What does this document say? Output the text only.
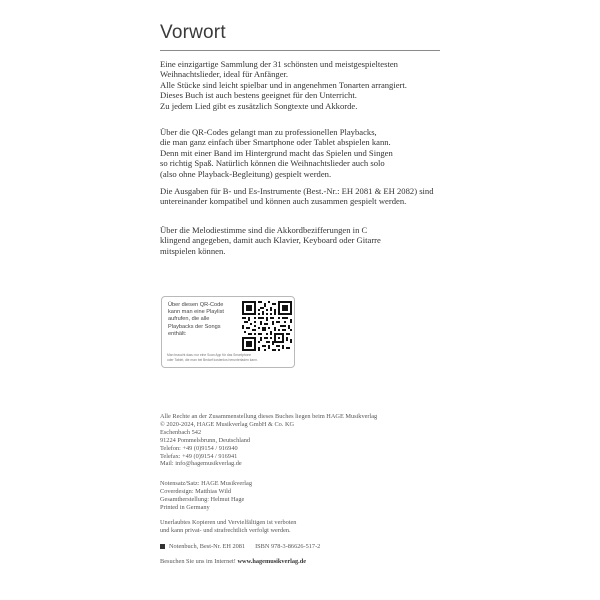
Vorwort
Eine einzigartige Sammlung der 31 schönsten und meistgespieltesten
Weihnachtslieder, ideal für Anfänger.
Alle Stücke sind leicht spielbar und in angenehmen Tonarten arrangiert.
Dieses Buch ist auch bestens geeignet für den Unterricht.
Zu jedem Lied gibt es zusätzlich Songtexte und Akkorde.
Über die QR-Codes gelangt man zu professionellen Playbacks,
die man ganz einfach über Smartphone oder Tablet abspielen kann.
Denn mit einer Band im Hintergrund macht das Spielen und Singen
so richtig Spaß. Natürlich können die Weihnachtslieder auch solo
(also ohne Playback-Begleitung) gespielt werden.
Die Ausgaben für B- und Es-Instrumente (Best.-Nr.: EH 2081 & EH 2082) sind
untereinander kompatibel und können auch zusammen gespielt werden.
Über die Melodiestimme sind die Akkordbezifferungen in C
klingend angegeben, damit auch Klavier, Keyboard oder Gitarre
mitspielen können.
Über diesen QR-Code
kann man eine Playlist
aufrufen, die alle
Playbacks der Songs
enthält:
Man braucht dazu nur eine Scan App für das Smartphone
oder Tablet, die man bei Bedarf kostenlos herunterladen kann.
Alle Rechte an der Zusammenstellung dieses Buches liegen beim HAGE Musikverlag
© 2020-2024, HAGE Musikverlag GmbH & Co. KG
Eschenbach 542
91224 Pommelsbrunn, Deutschland
Telefon: +49 (0)9154 / 916940
Telefax: +49 (0)9154 / 916941
Mail: info@hagemusikverlag.de
Notensatz/Satz: HAGE Musikverlag
Coverdesign: Matthias Wild
Gesamtherstellung: Helmut Hage
Printed in Germany
Unerlaubtes Kopieren und Vervielfältigen ist verboten
und kann privat- und strafrechtlich verfolgt werden.
Notenbuch, Best-Nr. EH 2081 ISBN 978-3-86626-517-2
Besuchen Sie uns im Internet! www.hagemusikverlag.de
